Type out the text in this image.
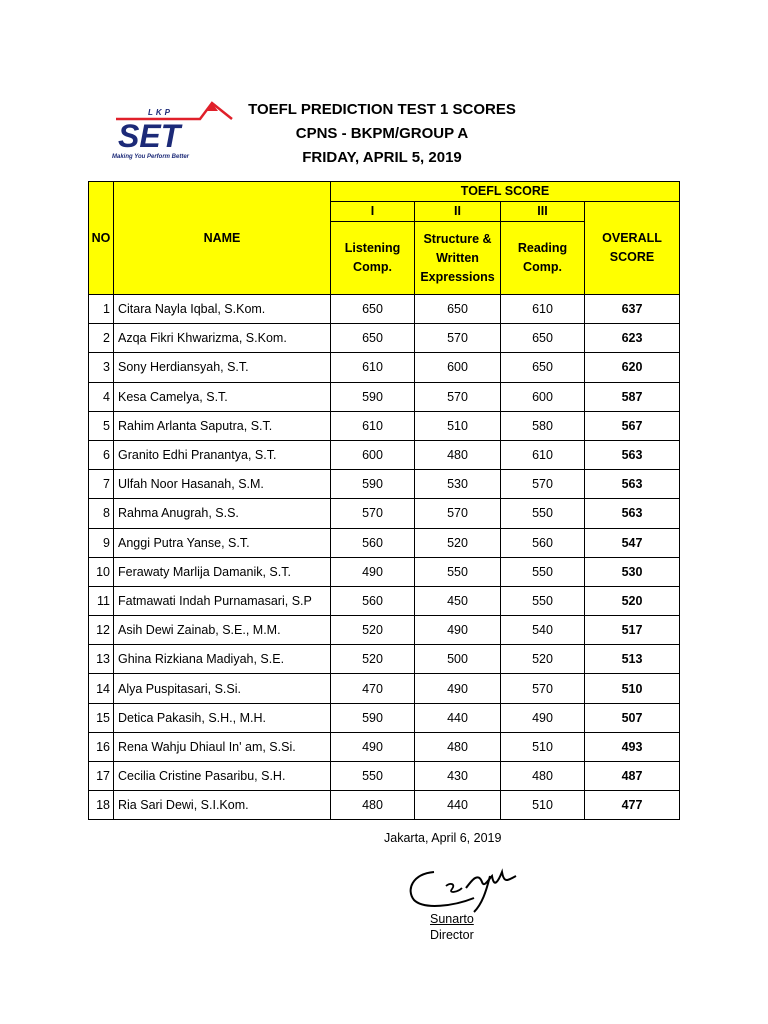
LKP
SET
Making You Perform Better
TOEFL PREDICTION TEST 1 SCORES
CPNS - BKPM/GROUP A
FRIDAY, APRIL 5, 2019
NO	NAME	TOEFL SCORE			
		I	II	III	OVERALL SCORE
		Listening Comp.	Structure & Written Expressions	Reading Comp.	
1	Citara Nayla Iqbal, S.Kom.	650	650	610	637
2	Azqa Fikri Khwarizma, S.Kom.	650	570	650	623
3	Sony Herdiansyah, S.T.	610	600	650	620
4	Kesa Camelya, S.T.	590	570	600	587
5	Rahim Arlanta Saputra, S.T.	610	510	580	567
6	Granito Edhi Pranantya, S.T.	600	480	610	563
7	Ulfah Noor Hasanah, S.M.	590	530	570	563
8	Rahma Anugrah, S.S.	570	570	550	563
9	Anggi Putra Yanse, S.T.	560	520	560	547
10	Ferawaty Marlija Damanik, S.T.	490	550	550	530
11	Fatmawati Indah Purnamasari, S.P	560	450	550	520
12	Asih Dewi Zainab, S.E., M.M.	520	490	540	517
13	Ghina Rizkiana Madiyah, S.E.	520	500	520	513
14	Alya Puspitasari, S.Si.	470	490	570	510
15	Detica Pakasih, S.H., M.H.	590	440	490	507
16	Rena Wahju Dhiaul In' am, S.Si.	490	480	510	493
17	Cecilia Cristine Pasaribu, S.H.	550	430	480	487
18	Ria Sari Dewi, S.I.Kom.	480	440	510	477
Jakarta, April 6, 2019
Sunarto
Director
